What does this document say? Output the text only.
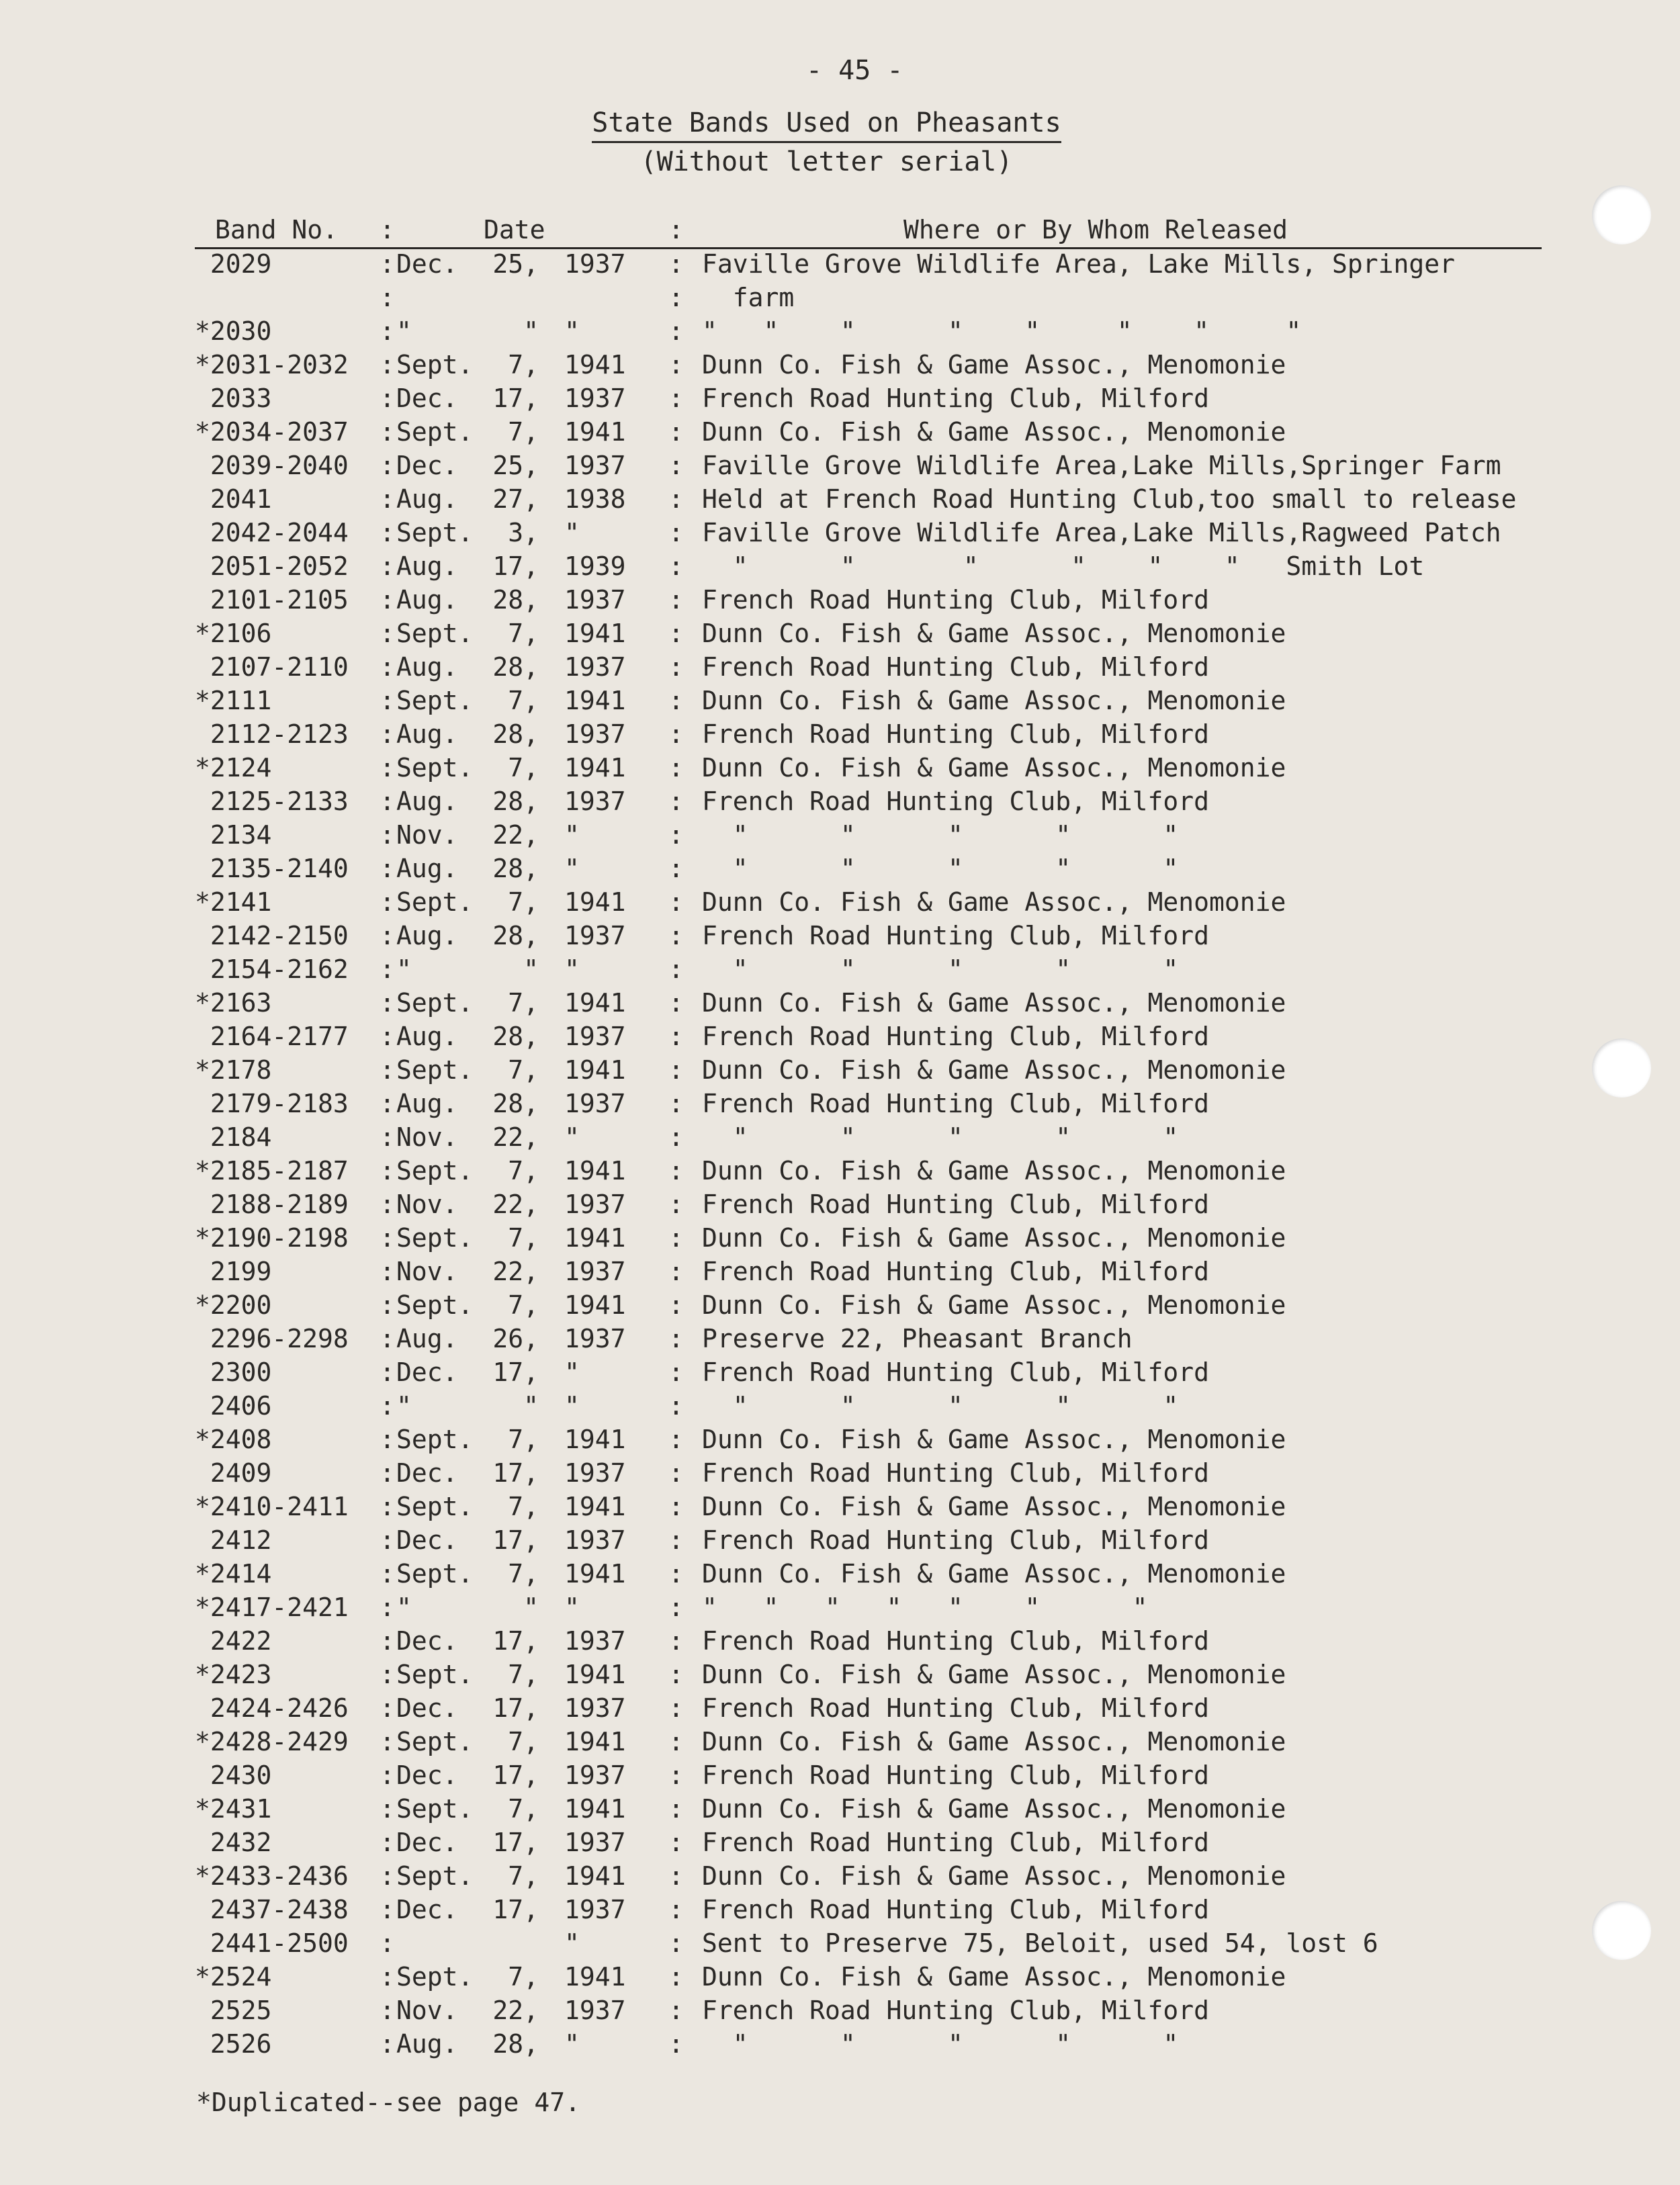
- 45 -
State Bands Used on Pheasants
(Without letter serial)
Band No. :	Date	:	Where or By Whom Released
2029	: Dec. 25, 1937 : Faville Grove Wildlife Area, Lake Mills, Springer
:	: farm
*2030	: "	" "	: "   "    "      "    "     "    "     "
*2031-2032	: Sept.	7, 1941 : Dunn Co. Fish & Game Assoc., Menomonie
2033	: Dec. 17, 1937 : French Road Hunting Club, Milford
*2034-2037	: Sept.	7, 1941 : Dunn Co. Fish & Game Assoc., Menomonie
2039-2040	: Dec. 25, 1937 : Faville Grove Wildlife Area,Lake Mills,Springer Farm
2041	: Aug. 27, 1938 : Held at French Road Hunting Club,too small to release
2042-2044	: Sept.	3, "	: Faville Grove Wildlife Area,Lake Mills,Ragweed Patch
2051-2052	: Aug. 17, 1939 : "      "       "      "    "    "   Smith Lot
2101-2105	: Aug. 28, 1937 : French Road Hunting Club, Milford
*2106	: Sept.	7, 1941 : Dunn Co. Fish & Game Assoc., Menomonie
2107-2110	: Aug. 28, 1937 : French Road Hunting Club, Milford
*2111	: Sept.	7, 1941 : Dunn Co. Fish & Game Assoc., Menomonie
2112-2123	: Aug. 28, 1937 : French Road Hunting Club, Milford
*2124	: Sept.	7, 1941 : Dunn Co. Fish & Game Assoc., Menomonie
2125-2133	: Aug. 28, 1937 : French Road Hunting Club, Milford
2134	: Nov. 22, "	: "      "      "      "      "
2135-2140	: Aug. 28, "	: "      "      "      "      "
*2141	: Sept.	7, 1941 : Dunn Co. Fish & Game Assoc., Menomonie
2142-2150	: Aug. 28, 1937 : French Road Hunting Club, Milford
2154-2162	: "	" "	: "      "      "      "      "
*2163	: Sept.	7, 1941 : Dunn Co. Fish & Game Assoc., Menomonie
2164-2177	: Aug. 28, 1937 : French Road Hunting Club, Milford
*2178	: Sept.	7, 1941 : Dunn Co. Fish & Game Assoc., Menomonie
2179-2183	: Aug. 28, 1937 : French Road Hunting Club, Milford
2184	: Nov. 22, "	: "      "      "      "      "
*2185-2187	: Sept.	7, 1941 : Dunn Co. Fish & Game Assoc., Menomonie
2188-2189	: Nov. 22, 1937 : French Road Hunting Club, Milford
*2190-2198	: Sept.	7, 1941 : Dunn Co. Fish & Game Assoc., Menomonie
2199	: Nov. 22, 1937 : French Road Hunting Club, Milford
*2200	: Sept.	7, 1941 : Dunn Co. Fish & Game Assoc., Menomonie
2296-2298	: Aug. 26, 1937 : Preserve 22, Pheasant Branch
2300	: Dec. 17, "	: French Road Hunting Club, Milford
2406	: "	" "	: "      "      "      "      "
*2408	: Sept.	7, 1941 : Dunn Co. Fish & Game Assoc., Menomonie
2409	: Dec. 17, 1937 : French Road Hunting Club, Milford
*2410-2411	: Sept.	7, 1941 : Dunn Co. Fish & Game Assoc., Menomonie
2412	: Dec. 17, 1937 : French Road Hunting Club, Milford
*2414	: Sept.	7, 1941 : Dunn Co. Fish & Game Assoc., Menomonie
*2417-2421	: "	" "	: "   "   "   "   "    "      "
2422	: Dec. 17, 1937 : French Road Hunting Club, Milford
*2423	: Sept.	7, 1941 : Dunn Co. Fish & Game Assoc., Menomonie
2424-2426	: Dec. 17, 1937 : French Road Hunting Club, Milford
*2428-2429	: Sept.	7, 1941 : Dunn Co. Fish & Game Assoc., Menomonie
2430	: Dec. 17, 1937 : French Road Hunting Club, Milford
*2431	: Sept.	7, 1941 : Dunn Co. Fish & Game Assoc., Menomonie
2432	: Dec. 17, 1937 : French Road Hunting Club, Milford
*2433-2436	: Sept.	7, 1941 : Dunn Co. Fish & Game Assoc., Menomonie
2437-2438	: Dec. 17, 1937 : French Road Hunting Club, Milford
2441-2500	:	"	: Sent to Preserve 75, Beloit, used 54, lost 6
*2524	: Sept.	7, 1941 : Dunn Co. Fish & Game Assoc., Menomonie
2525	: Nov. 22, 1937 : French Road Hunting Club, Milford
2526	: Aug. 28, "	: "      "      "      "      "
*Duplicated--see page 47.
